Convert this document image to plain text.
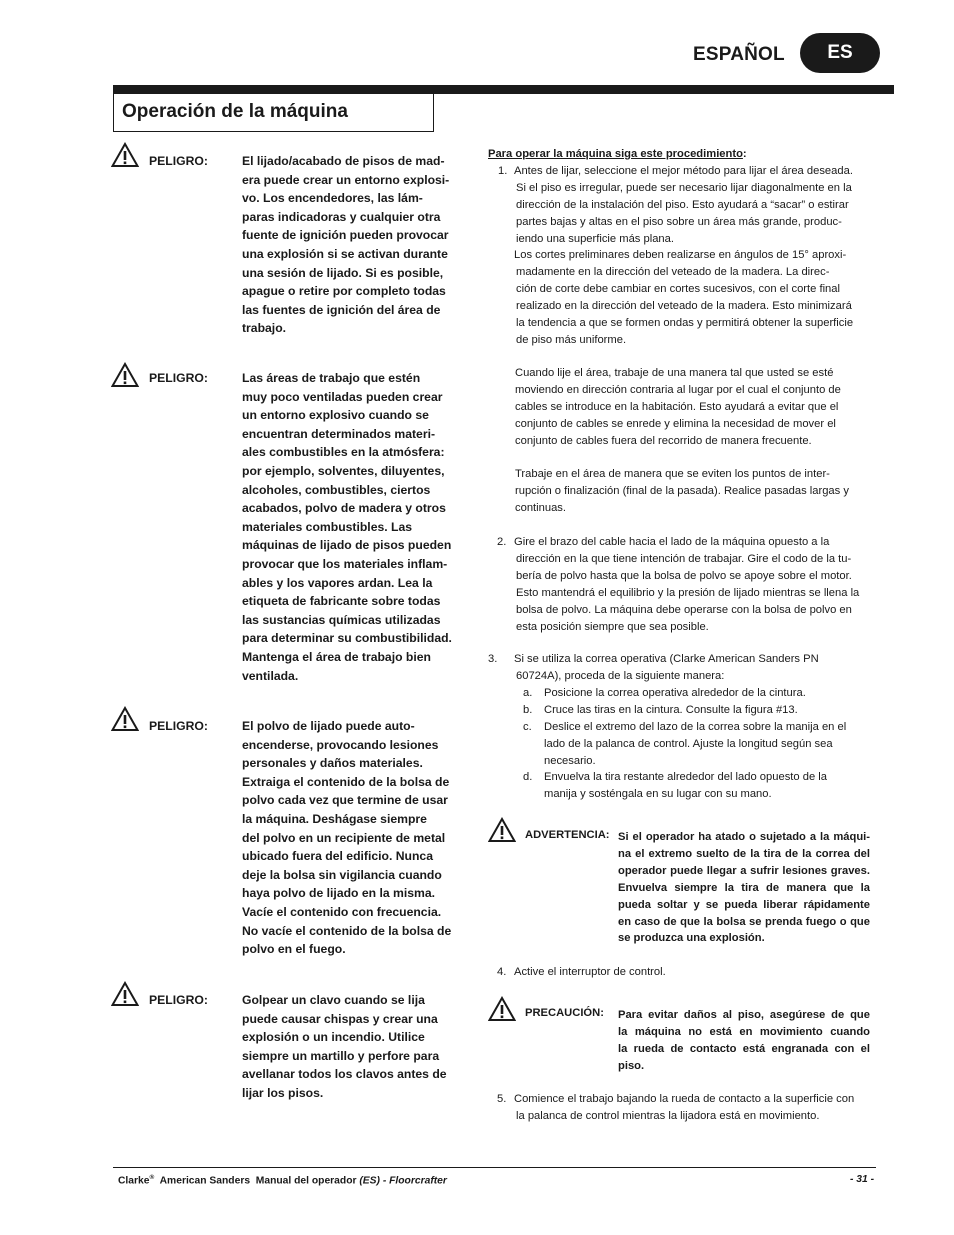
ESPAÑOL	ES
Operación de la máquina
PELIGRO:	El lijado/acabado de pisos de mad-
era puede crear un entorno explosi-
vo. Los encendedores, las lám-
paras indicadoras y cualquier otra
fuente de ignición pueden provocar
una explosión si se activan durante
una sesión de lijado. Si es posible,
apague o retire por completo todas
las fuentes de ignición del área de
trabajo.
PELIGRO:	Las áreas de trabajo que estén
muy poco ventiladas pueden crear
un entorno explosivo cuando se
encuentran determinados materi-
ales combustibles en la atmósfera:
por ejemplo, solventes, diluyentes,
alcoholes, combustibles, ciertos
acabados, polvo de madera y otros
materiales combustibles. Las
máquinas de lijado de pisos pueden
provocar que los materiales inflam-
ables y los vapores ardan. Lea la
etiqueta de fabricante sobre todas
las sustancias químicas utilizadas
para determinar su combustibilidad.
Mantenga el área de trabajo bien
ventilada.
PELIGRO:	El polvo de lijado puede auto-
encenderse, provocando lesiones
personales y daños materiales.
Extraiga el contenido de la bolsa de
polvo cada vez que termine de usar
la máquina. Deshágase siempre
del polvo en un recipiente de metal
ubicado fuera del edificio. Nunca
deje la bolsa sin vigilancia cuando
haya polvo de lijado en la misma.
Vacíe el contenido con frecuencia.
No vacíe el contenido de la bolsa de
polvo en el fuego.
PELIGRO:	Golpear un clavo cuando se lija
puede causar chispas y crear una
explosión o un incendio. Utilice
siempre un martillo y perfore para
avellanar todos los clavos antes de
lijar los pisos.
Para operar la máquina siga este procedimiento:
1. Antes de lijar, seleccione el mejor método para lijar el área deseada.
Si el piso es irregular, puede ser necesario lijar diagonalmente en la
dirección de la instalación del piso. Esto ayudará a “sacar” o estirar
partes bajas y altas en el piso sobre un área más grande, produc-
iendo una superficie más plana.
Los cortes preliminares deben realizarse en ángulos de 15° aproxi-
madamente en la dirección del veteado de la madera. La direc-
ción de corte debe cambiar en cortes sucesivos, con el corte final
realizado en la dirección del veteado de la madera. Esto minimizará
la tendencia a que se formen ondas y permitirá obtener la superficie
de piso más uniforme.
Cuando lije el área, trabaje de una manera tal que usted se esté
moviendo en dirección contraria al lugar por el cual el conjunto de
cables se introduce en la habitación. Esto ayudará a evitar que el
conjunto de cables se enrede y elimina la necesidad de mover el
conjunto de cables fuera del recorrido de manera frecuente.
Trabaje en el área de manera que se eviten los puntos de inter-
rupción o finalización (final de la pasada). Realice pasadas largas y
continuas.
2. Gire el brazo del cable hacia el lado de la máquina opuesto a la
dirección en la que tiene intención de trabajar. Gire el codo de la tu-
bería de polvo hasta que la bolsa de polvo se apoye sobre el motor.
Esto mantendrá el equilibrio y la presión de lijado mientras se llena la
bolsa de polvo. La máquina debe operarse con la bolsa de polvo en
esta posición siempre que sea posible.
3. Si se utiliza la correa operativa (Clarke American Sanders PN
60724A), proceda de la siguiente manera:
a. Posicione la correa operativa alrededor de la cintura.
b. Cruce las tiras en la cintura. Consulte la figura #13.
c. Deslice el extremo del lazo de la correa sobre la manija en el
lado de la palanca de control. Ajuste la longitud según sea
necesario.
d. Envuelva la tira restante alrededor del lado opuesto de la
manija y sosténgala en su lugar con su mano.
ADVERTENCIA: Si el operador ha atado o sujetado a la máqui-
na el extremo suelto de la tira de la correa del
operador puede llegar a sufrir lesiones graves.
Envuelva siempre la tira de manera que la
pueda soltar y se pueda liberar rápidamente
en caso de que la bolsa se prenda fuego o que
se produzca una explosión.
4. Active el interruptor de control.
PRECAUCIÓN: Para evitar daños al piso, asegúrese de que
la máquina no está en movimiento cuando
la rueda de contacto está engranada con el
piso.
5. Comience el trabajo bajando la rueda de contacto a la superficie con
la palanca de control mientras la lijadora está en movimiento.
Clarke® American Sanders Manual del operador (ES) - Floorcrafter	- 31 -
